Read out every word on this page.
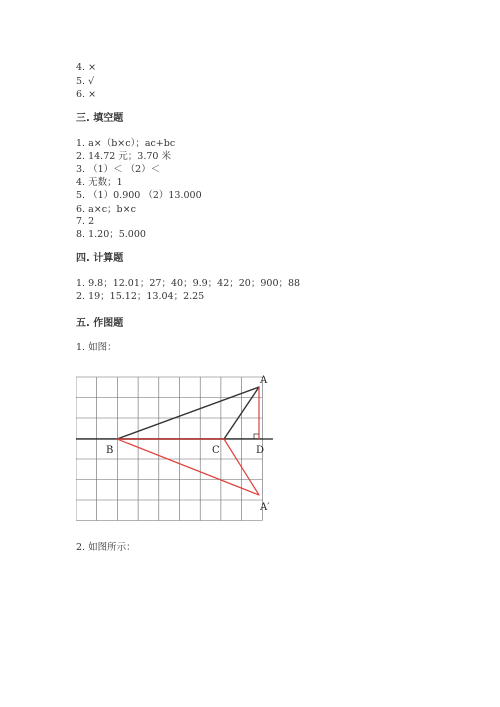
4. ×
5. √
6. ×
三. 填空题
1. a×（b×c）；ac+bc
2. 14.72 元；3.70 米
3. （1）＜ （2）＜
4. 无数；1
5. （1）0.900 （2）13.000
6. a×c；b×c
7. 2
8. 1.20；5.000
四. 计算题
1. 9.8；12.01；27；40；9.9；42；20；900；88
2. 19；15.12；13.04；2.25
五. 作图题
1. 如图：
A
B	C	D
A′
2. 如图所示：
